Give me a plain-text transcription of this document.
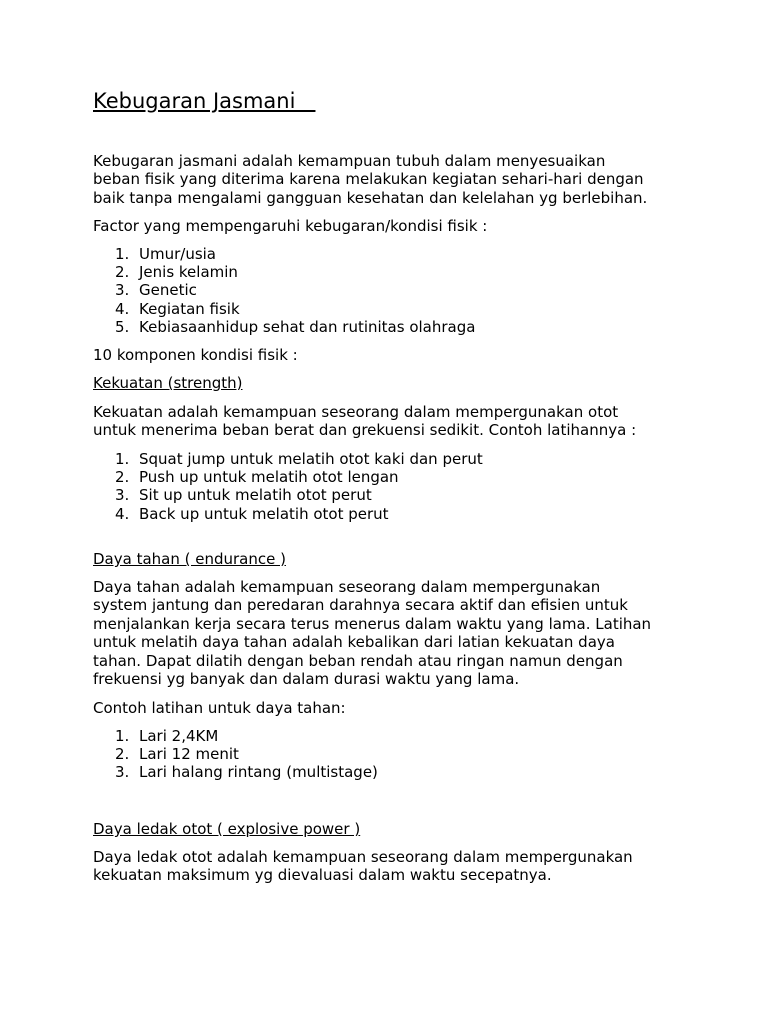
Kebugaran Jasmani
Kebugaran jasmani adalah kemampuan tubuh dalam menyesuaikan
beban fisik yang diterima karena melakukan kegiatan sehari-hari dengan
baik tanpa mengalami gangguan kesehatan dan kelelahan yg berlebihan.
Factor yang mempengaruhi kebugaran/kondisi fisik :
1. Umur/usia
2. Jenis kelamin
3. Genetic
4. Kegiatan fisik
5. Kebiasaanhidup sehat dan rutinitas olahraga
10 komponen kondisi fisik :
Kekuatan (strength)
Kekuatan adalah kemampuan seseorang dalam mempergunakan otot
untuk menerima beban berat dan grekuensi sedikit. Contoh latihannya :
1. Squat jump untuk melatih otot kaki dan perut
2. Push up untuk melatih otot lengan
3. Sit up untuk melatih otot perut
4. Back up untuk melatih otot perut
Daya tahan ( endurance )
Daya tahan adalah kemampuan seseorang dalam mempergunakan
system jantung dan peredaran darahnya secara aktif dan efisien untuk
menjalankan kerja secara terus menerus dalam waktu yang lama. Latihan
untuk melatih daya tahan adalah kebalikan dari latian kekuatan daya
tahan. Dapat dilatih dengan beban rendah atau ringan namun dengan
frekuensi yg banyak dan dalam durasi waktu yang lama.
Contoh latihan untuk daya tahan:
1. Lari 2,4KM
2. Lari 12 menit
3. Lari halang rintang (multistage)
Daya ledak otot ( explosive power )
Daya ledak otot adalah kemampuan seseorang dalam mempergunakan
kekuatan maksimum yg dievaluasi dalam waktu secepatnya.
